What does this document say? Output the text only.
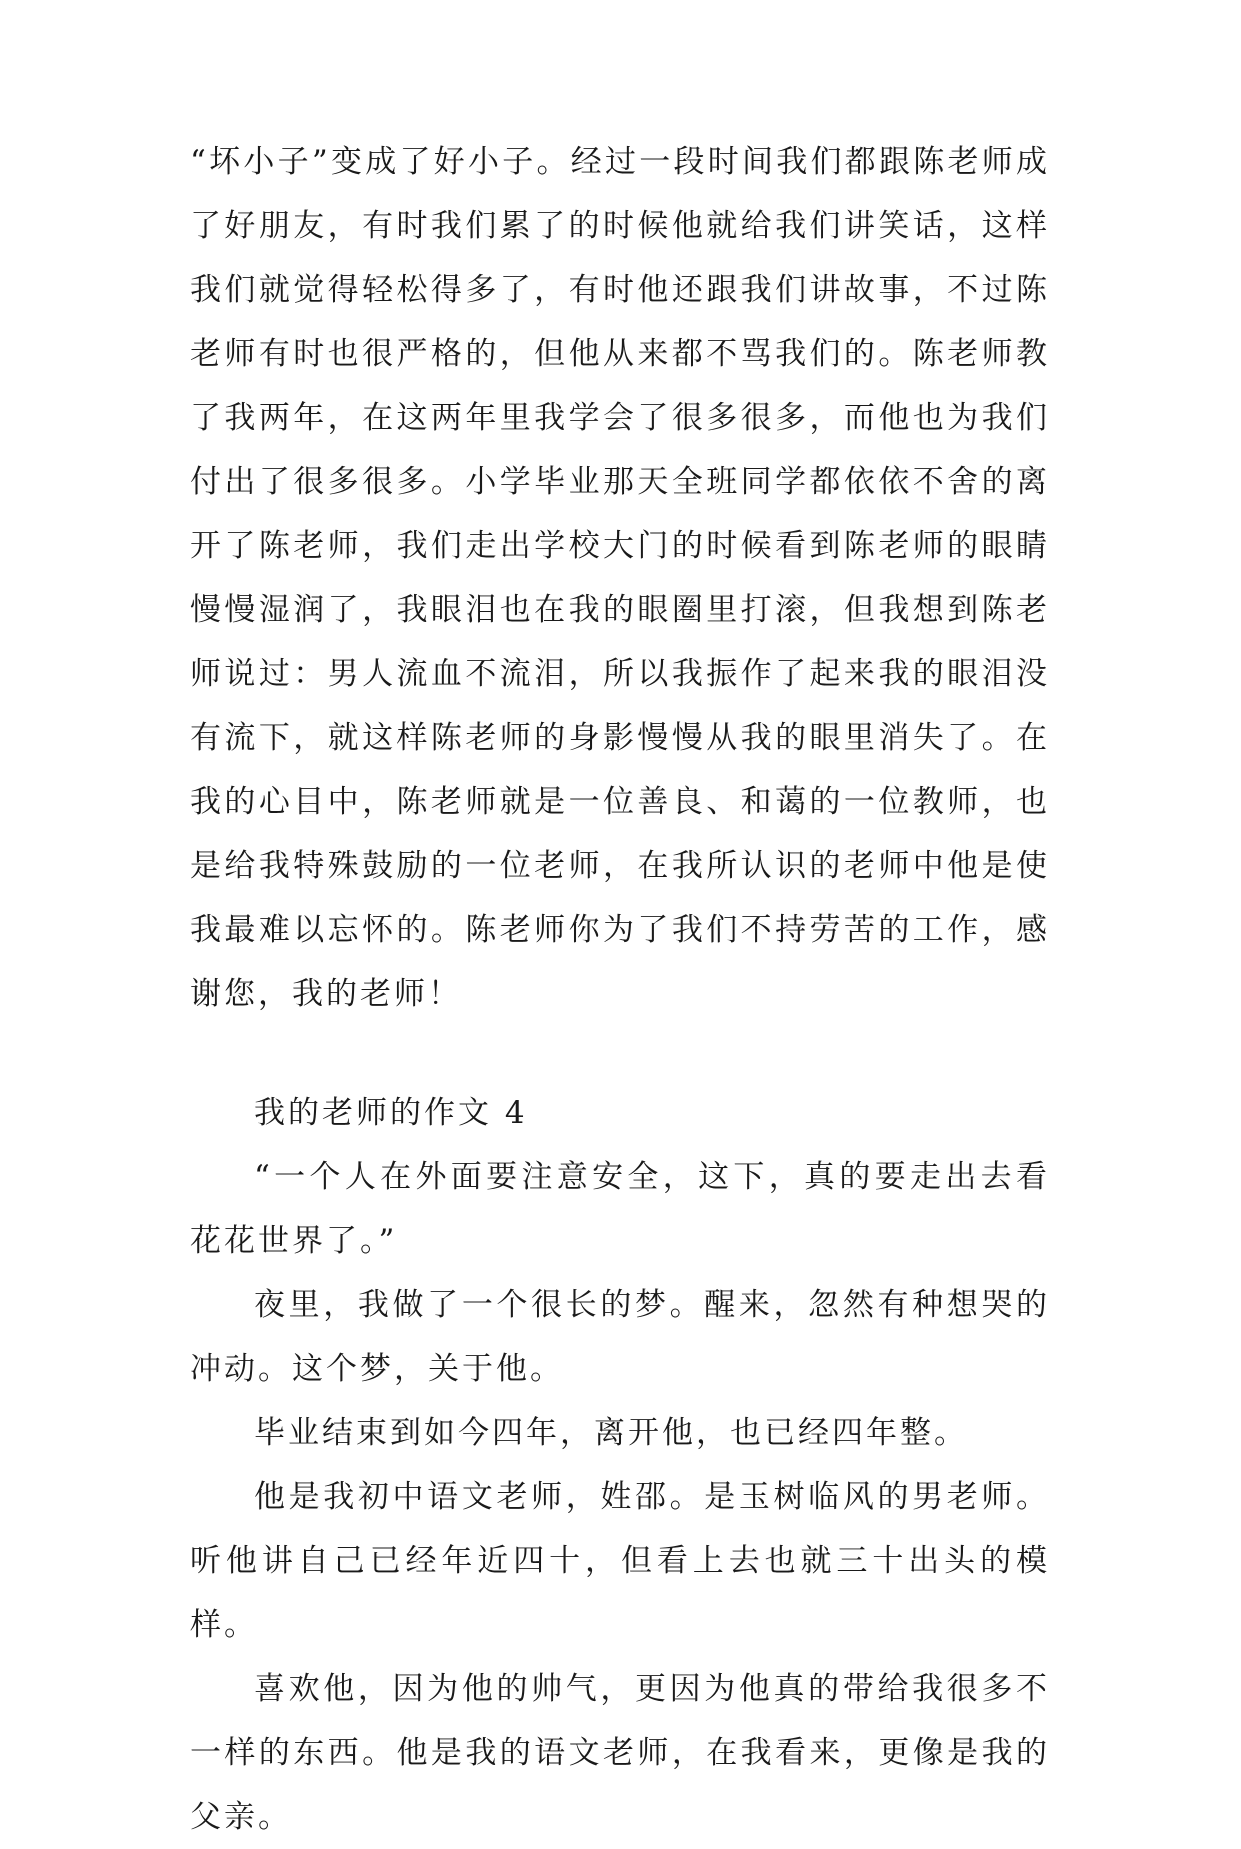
“坏小子”变成了好小子。经过一段时间我们都跟陈老师成了好朋友，有时我们累了的时候他就给我们讲笑话，这样我们就觉得轻松得多了，有时他还跟我们讲故事，不过陈老师有时也很严格的，但他从来都不骂我们的。陈老师教了我两年，在这两年里我学会了很多很多，而他也为我们付出了很多很多。小学毕业那天全班同学都依依不舍的离开了陈老师，我们走出学校大门的时候看到陈老师的眼睛慢慢湿润了，我眼泪也在我的眼圈里打滚，但我想到陈老师说过：男人流血不流泪，所以我振作了起来我的眼泪没有流下，就这样陈老师的身影慢慢从我的眼里消失了。在我的心目中，陈老师就是一位善良、和蔼的一位教师，也是给我特殊鼓励的一位老师，在我所认识的老师中他是使我最难以忘怀的。陈老师你为了我们不持劳苦的工作，感谢您，我的老师！

我的老师的作文 4

“一个人在外面要注意安全，这下，真的要走出去看花花世界了。”

夜里，我做了一个很长的梦。醒来，忽然有种想哭的冲动。这个梦，关于他。

毕业结束到如今四年，离开他，也已经四年整。

他是我初中语文老师，姓邵。是玉树临风的男老师。听他讲自己已经年近四十，但看上去也就三十出头的模样。

喜欢他，因为他的帅气，更因为他真的带给我很多不一样的东西。他是我的语文老师，在我看来，更像是我的父亲。
